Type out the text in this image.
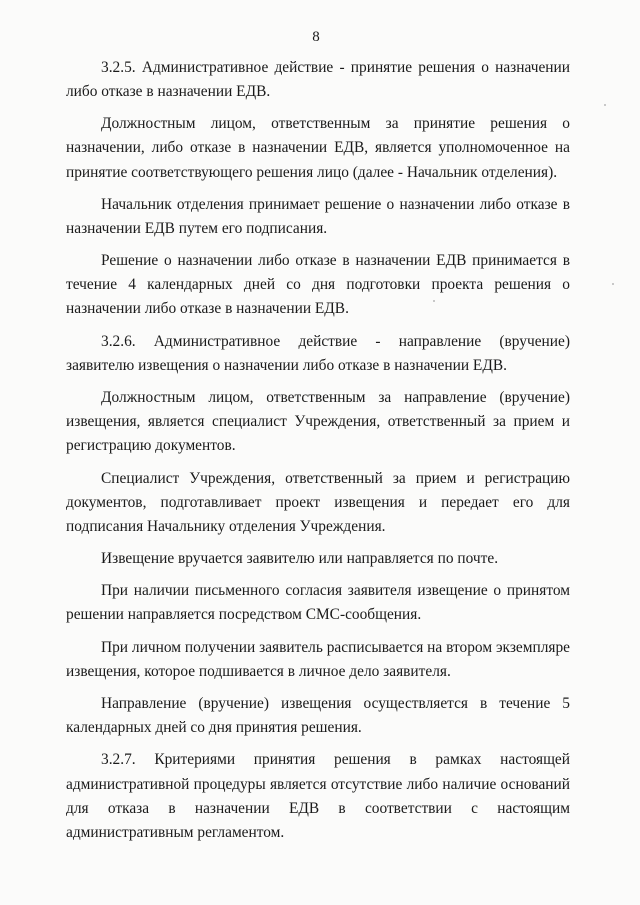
8

3.2.5. Административное действие - принятие решения о назначении либо отказе в назначении ЕДВ.

Должностным лицом, ответственным за принятие решения о назначении, либо отказе в назначении ЕДВ, является уполномоченное на принятие соответствующего решения лицо (далее - Начальник отделения).

Начальник отделения принимает решение о назначении либо отказе в назначении ЕДВ путем его подписания.

Решение о назначении либо отказе в назначении ЕДВ принимается в течение 4 календарных дней со дня подготовки проекта решения о назначении либо отказе в назначении ЕДВ.

3.2.6. Административное действие - направление (вручение) заявителю извещения о назначении либо отказе в назначении ЕДВ.

Должностным лицом, ответственным за направление (вручение) извещения, является специалист Учреждения, ответственный за прием и регистрацию документов.

Специалист Учреждения, ответственный за прием и регистрацию документов, подготавливает проект извещения и передает его для подписания Начальнику отделения Учреждения.

Извещение вручается заявителю или направляется по почте.

При наличии письменного согласия заявителя извещение о принятом решении направляется посредством СМС-сообщения.

При личном получении заявитель расписывается на втором экземпляре извещения, которое подшивается в личное дело заявителя.

Направление (вручение) извещения осуществляется в течение 5 календарных дней со дня принятия решения.

3.2.7. Критериями принятия решения в рамках настоящей административной процедуры является отсутствие либо наличие оснований для отказа в назначении ЕДВ в соответствии с настоящим административным регламентом.
